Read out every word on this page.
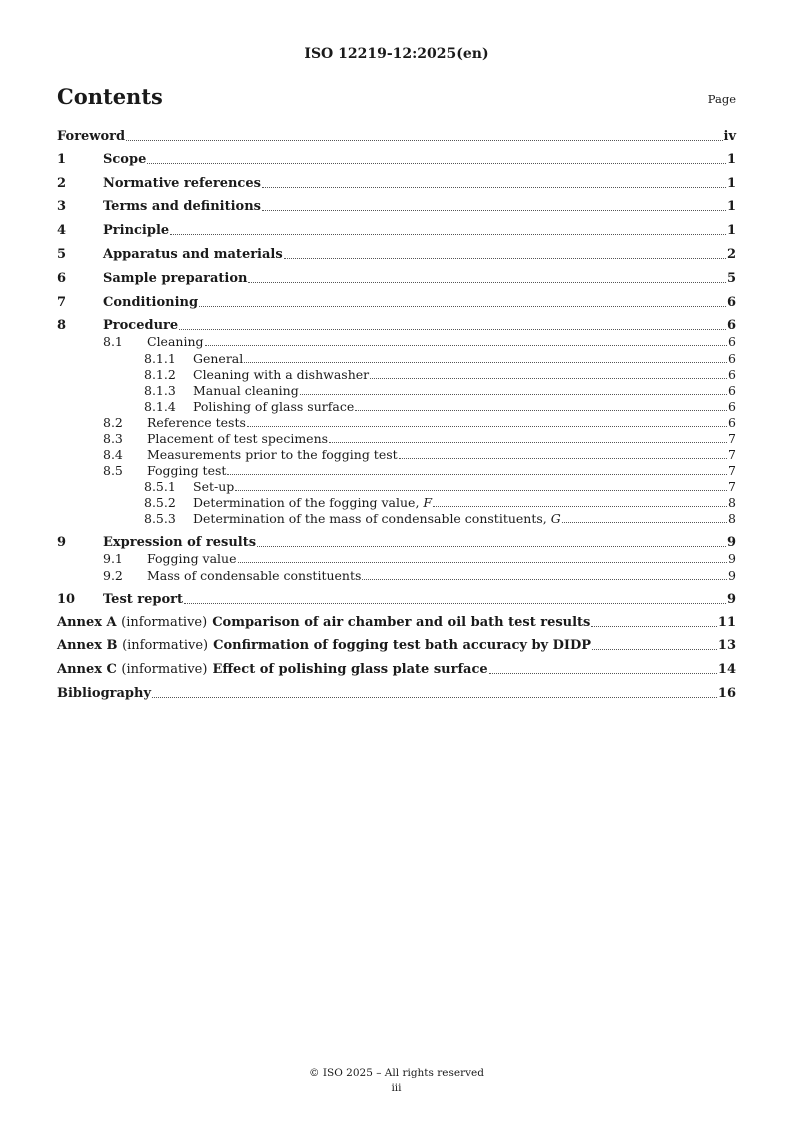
ISO 12219-12:2025(en)
Contents	Page
Foreword	iv
1	Scope	1
2	Normative references	1
3	Terms and definitions	1
4	Principle	1
5	Apparatus and materials	2
6	Sample preparation	5
7	Conditioning	6
8	Procedure	6
8.1	Cleaning	6
8.1.1	General	6
8.1.2	Cleaning with a dishwasher	6
8.1.3	Manual cleaning	6
8.1.4	Polishing of glass surface	6
8.2	Reference tests	6
8.3	Placement of test specimens	7
8.4	Measurements prior to the fogging test	7
8.5	Fogging test	7
8.5.1	Set-up	7
8.5.2	Determination of the fogging value, F	8
8.5.3	Determination of the mass of condensable constituents, G	8
9	Expression of results	9
9.1	Fogging value	9
9.2	Mass of condensable constituents	9
10	Test report	9
Annex A (informative) Comparison of air chamber and oil bath test results	11
Annex B (informative) Confirmation of fogging test bath accuracy by DIDP	13
Annex C (informative) Effect of polishing glass plate surface	14
Bibliography	16
© ISO 2025 – All rights reserved
iii
